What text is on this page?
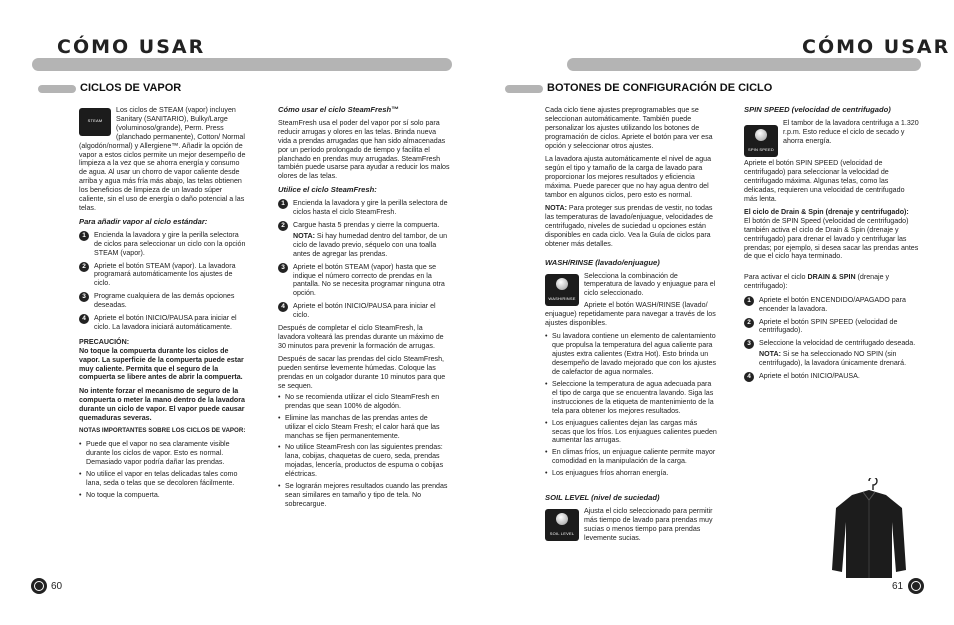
CÓMO USAR
CICLOS DE VAPOR
STEAM

Los ciclos de STEAM (vapor) incluyen Sanitary (SANITARIO), Bulky/Large (voluminoso/grande), Perm. Press (planchado permanente), Cotton/ Normal (algodón/normal) y Allergiene™. Añadir la opción de vapor a estos ciclos permite un mejor desempeño de limpieza a la vez que se ahorra energía y consumo de agua. Al usar un chorro de vapor caliente desde arriba y agua más fría más abajo, las telas obtienen los beneficios de limpieza de un lavado súper caliente, sin el uso de energía o daño potencial a las telas.

Para añadir vapor al ciclo estándar:
1	Encienda la lavadora y gire la perilla selectora de ciclos para seleccionar un ciclo con la opción STEAM (vapor).
2	Apriete el botón STEAM (vapor). La lavadora programará automáticamente los ajustes de ciclo.
3	Programe cualquiera de las demás opciones deseadas.
4	Apriete el botón INICIO/PAUSA para iniciar el ciclo. La lavadora iniciará automáticamente.

PRECAUCIÓN:

No toque la compuerta durante los ciclos de vapor. La superficie de la compuerta puede estar muy caliente. Permita que el seguro de la compuerta se libere antes de abrir la compuerta.

No intente forzar el mecanismo de seguro de la compuerta o meter la mano dentro de la lavadora durante un ciclo de vapor. El vapor puede causar quemaduras severas.

NOTAS IMPORTANTES SOBRE LOS CICLOS DE VAPOR:

• Puede que el vapor no sea claramente visible durante los ciclos de vapor. Esto es normal. Demasiado vapor podría dañar las prendas.
• No utilice el vapor en telas delicadas tales como lana, seda o telas que se decoloren fácilmente.
• No toque la compuerta.
Cómo usar el ciclo SteamFresh™

SteamFresh usa el poder del vapor por sí solo para reducir arrugas y olores en las telas. Brinda nueva vida a prendas arrugadas que han sido almacenadas por un período prolongado de tiempo y facilita el planchado en prendas muy arrugadas. SteamFresh también puede usarse para ayudar a reducir los malos olores de las telas.

Utilice el ciclo SteamFresh:
1	Encienda la lavadora y gire la perilla selectora de ciclos hasta el ciclo SteamFresh.
2	Cargue hasta 5 prendas y cierre la compuerta.
NOTA: Si hay humedad dentro del tambor, de un ciclo de lavado previo, séquelo con una toalla antes de agregar las prendas.
3	Apriete el botón STEAM (vapor) hasta que se indique el número correcto de prendas en la pantalla. No se necesita programar ninguna otra opción.
4	Apriete el botón INICIO/PAUSA para iniciar el ciclo.

Después de completar el ciclo SteamFresh, la lavadora volteará las prendas durante un máximo de 30 minutos para prevenir la formación de arrugas.

Después de sacar las prendas del ciclo SteamFresh, pueden sentirse levemente húmedas. Coloque las prendas en un colgador durante 10 minutos para que se sequen.

• No se recomienda utilizar el ciclo SteamFresh en prendas que sean 100% de algodón.
• Elimine las manchas de las prendas antes de utilizar el ciclo Steam Fresh; el calor hará que las manchas se fijen permanentemente.
• No utilice SteamFresh con las siguientes prendas: lana, cobijas, chaquetas de cuero, seda, prendas mojadas, lencería, productos de espuma o cobijas eléctricas.
• Se lograrán mejores resultados cuando las prendas sean similares en tamaño y tipo de tela. No sobrecargue.
60
CÓMO USAR
BOTONES DE CONFIGURACIÓN DE CICLO

Cada ciclo tiene ajustes preprogramables que se seleccionan automáticamente. También puede personalizar los ajustes utilizando los botones de programación de ciclos. Apriete el botón para ver esa opción y seleccionar otros ajustes.

La lavadora ajusta automáticamente el nivel de agua según el tipo y tamaño de la carga de lavado para proporcionar los mejores resultados y eficiencia máxima. Puede parecer que no hay agua dentro del tambor en algunos ciclos, pero esto es normal.

NOTA: Para proteger sus prendas de vestir, no todas las temperaturas de lavado/enjuague, velocidades de centrifugado, niveles de suciedad u opciones están disponibles en cada ciclo. Vea la Guía de ciclos para obtener más detalles.

WASH/RINSE (lavado/enjuague)
WASH/RINSE

Selecciona la combinación de temperatura de lavado y enjuague para el ciclo seleccionado.

Apriete el botón WASH/RINSE (lavado/ enjuague) repetidamente para navegar a través de los ajustes disponibles.

• Su lavadora contiene un elemento de calentamiento que propulsa la temperatura del agua caliente para ajustes extra calientes (Extra Hot). Esto brinda un desempeño de lavado mejorado que con los ajustes de calefactor de agua normales.
• Seleccione la temperatura de agua adecuada para el tipo de carga que se encuentra lavando. Siga las instrucciones de la etiqueta de mantenimiento de la tela para obtener los mejores resultados.
• Los enjuagues calientes dejan las cargas más secas que los fríos. Los enjuagues calientes pueden aumentar las arrugas.
• En climas fríos, un enjuague caliente permite mayor comodidad en la manipulación de la carga.
• Los enjuagues fríos ahorran energía.
SOIL LEVEL (nivel de suciedad)
SOIL LEVEL

Ajusta el ciclo seleccionado para permitir más tiempo de lavado para prendas muy sucias o menos tiempo para prendas levemente sucias.

SPIN SPEED (velocidad de centrifugado)
SPIN SPEED

El tambor de la lavadora centrifuga a 1.320 r.p.m. Esto reduce el ciclo de secado y ahorra energía.

Apriete el botón SPIN SPEED (velocidad de centrifugado) para seleccionar la velocidad de centrifugado máxima. Algunas telas, como las delicadas, requieren una velocidad de centrifugado más lenta.

El ciclo de Drain & Spin (drenaje y centrifugado):

El botón de SPIN Speed (velocidad de centrifugado) también activa el ciclo de Drain & Spin (drenaje y centrifugado) para drenar el lavado y centrifugar las prendas; por ejemplo, si desea sacar las prendas antes de que el ciclo haya terminado.

Para activar el ciclo DRAIN & SPIN (drenaje y centrifugado):

1	Apriete el botón ENCENDIDO/APAGADO para encender la lavadora.
2	Apriete el botón SPIN SPEED (velocidad de centrifugado).
3	Seleccione la velocidad de centrifugado deseada.
NOTA: Si se ha seleccionado NO SPIN (sin centrifugado), la lavadora únicamente drenará.
4	Apriete el botón INICIO/PAUSA.
61
